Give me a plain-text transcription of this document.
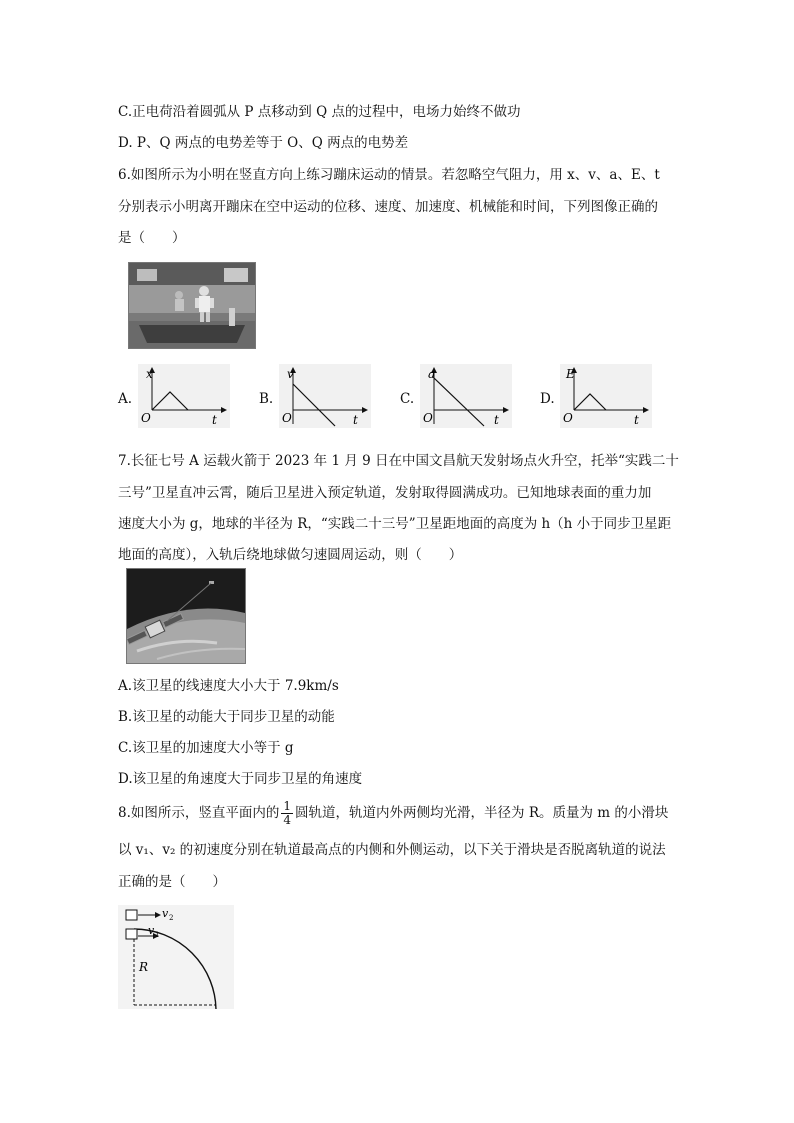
C.正电荷沿着圆弧从 P 点移动到 Q 点的过程中，电场力始终不做功
D. P、Q 两点的电势差等于 O、Q 两点的电势差
6.如图所示为小明在竖直方向上练习蹦床运动的情景。若忽略空气阻力，用 x、v、a、E、t
分别表示小明离开蹦床在空中运动的位移、速度、加速度、机械能和时间，下列图像正确的
是（　　）
A.
x
t
O
B.
v
t
O
C.
a
t
O
D.
E
t
O
7.长征七号 A 运载火箭于 2023 年 1 月 9 日在中国文昌航天发射场点火升空，托举“实践二十
三号”卫星直冲云霄，随后卫星进入预定轨道，发射取得圆满成功。已知地球表面的重力加
速度大小为 g，地球的半径为 R，“实践二十三号”卫星距地面的高度为 h（h 小于同步卫星距
地面的高度），入轨后绕地球做匀速圆周运动，则（　　）
A.该卫星的线速度大小大于 7.9km/s
B.该卫星的动能大于同步卫星的动能
C.该卫星的加速度大小等于 g
D.该卫星的角速度大于同步卫星的角速度
8.如图所示，竖直平面内的 $\frac{1}{4}$ 圆轨道，轨道内外两侧均光滑，半径为 R。质量为 m 的小滑块
以 v₁、v₂ 的初速度分别在轨道最高点的内侧和外侧运动，以下关于滑块是否脱离轨道的说法
正确的是（　　）
v 2
v 1
R
